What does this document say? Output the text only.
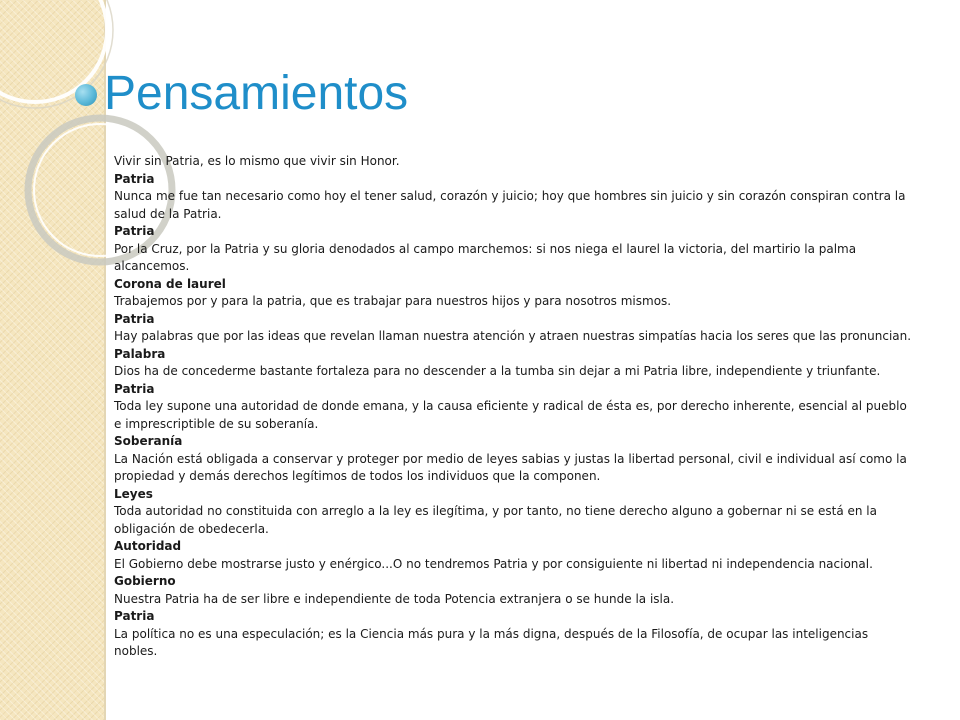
Pensamientos

Vivir sin Patria, es lo mismo que vivir sin Honor.

Patria

Nunca me fue tan necesario como hoy el tener salud, corazón y juicio; hoy que hombres sin juicio y sin corazón conspiran contra la salud de la Patria.

Patria

Por la Cruz, por la Patria y su gloria denodados al campo marchemos: si nos niega el laurel la victoria, del martirio la palma alcancemos.

Corona de laurel

Trabajemos por y para la patria, que es trabajar para nuestros hijos y para nosotros mismos.

Patria

Hay palabras que por las ideas que revelan llaman nuestra atención y atraen nuestras simpatías hacia los seres que las pronuncian.

Palabra

Dios ha de concederme bastante fortaleza para no descender a la tumba sin dejar a mi Patria libre, independiente y triunfante.

Patria

Toda ley supone una autoridad de donde emana, y la causa eficiente y radical de ésta es, por derecho inherente, esencial al pueblo e imprescriptible de su soberanía.

Soberanía

La Nación está obligada a conservar y proteger por medio de leyes sabias y justas la libertad personal, civil e individual así como la propiedad y demás derechos legítimos de todos los individuos que la componen.

Leyes

Toda autoridad no constituida con arreglo a la ley es ilegítima, y por tanto, no tiene derecho alguno a gobernar ni se está en la obligación de obedecerla.

Autoridad

El Gobierno debe mostrarse justo y enérgico...O no tendremos Patria y por consiguiente ni libertad ni independencia nacional.

Gobierno

Nuestra Patria ha de ser libre e independiente de toda Potencia extranjera o se hunde la isla.

Patria

La política no es una especulación; es la Ciencia más pura y la más digna, después de la Filosofía, de ocupar las inteligencias nobles.
